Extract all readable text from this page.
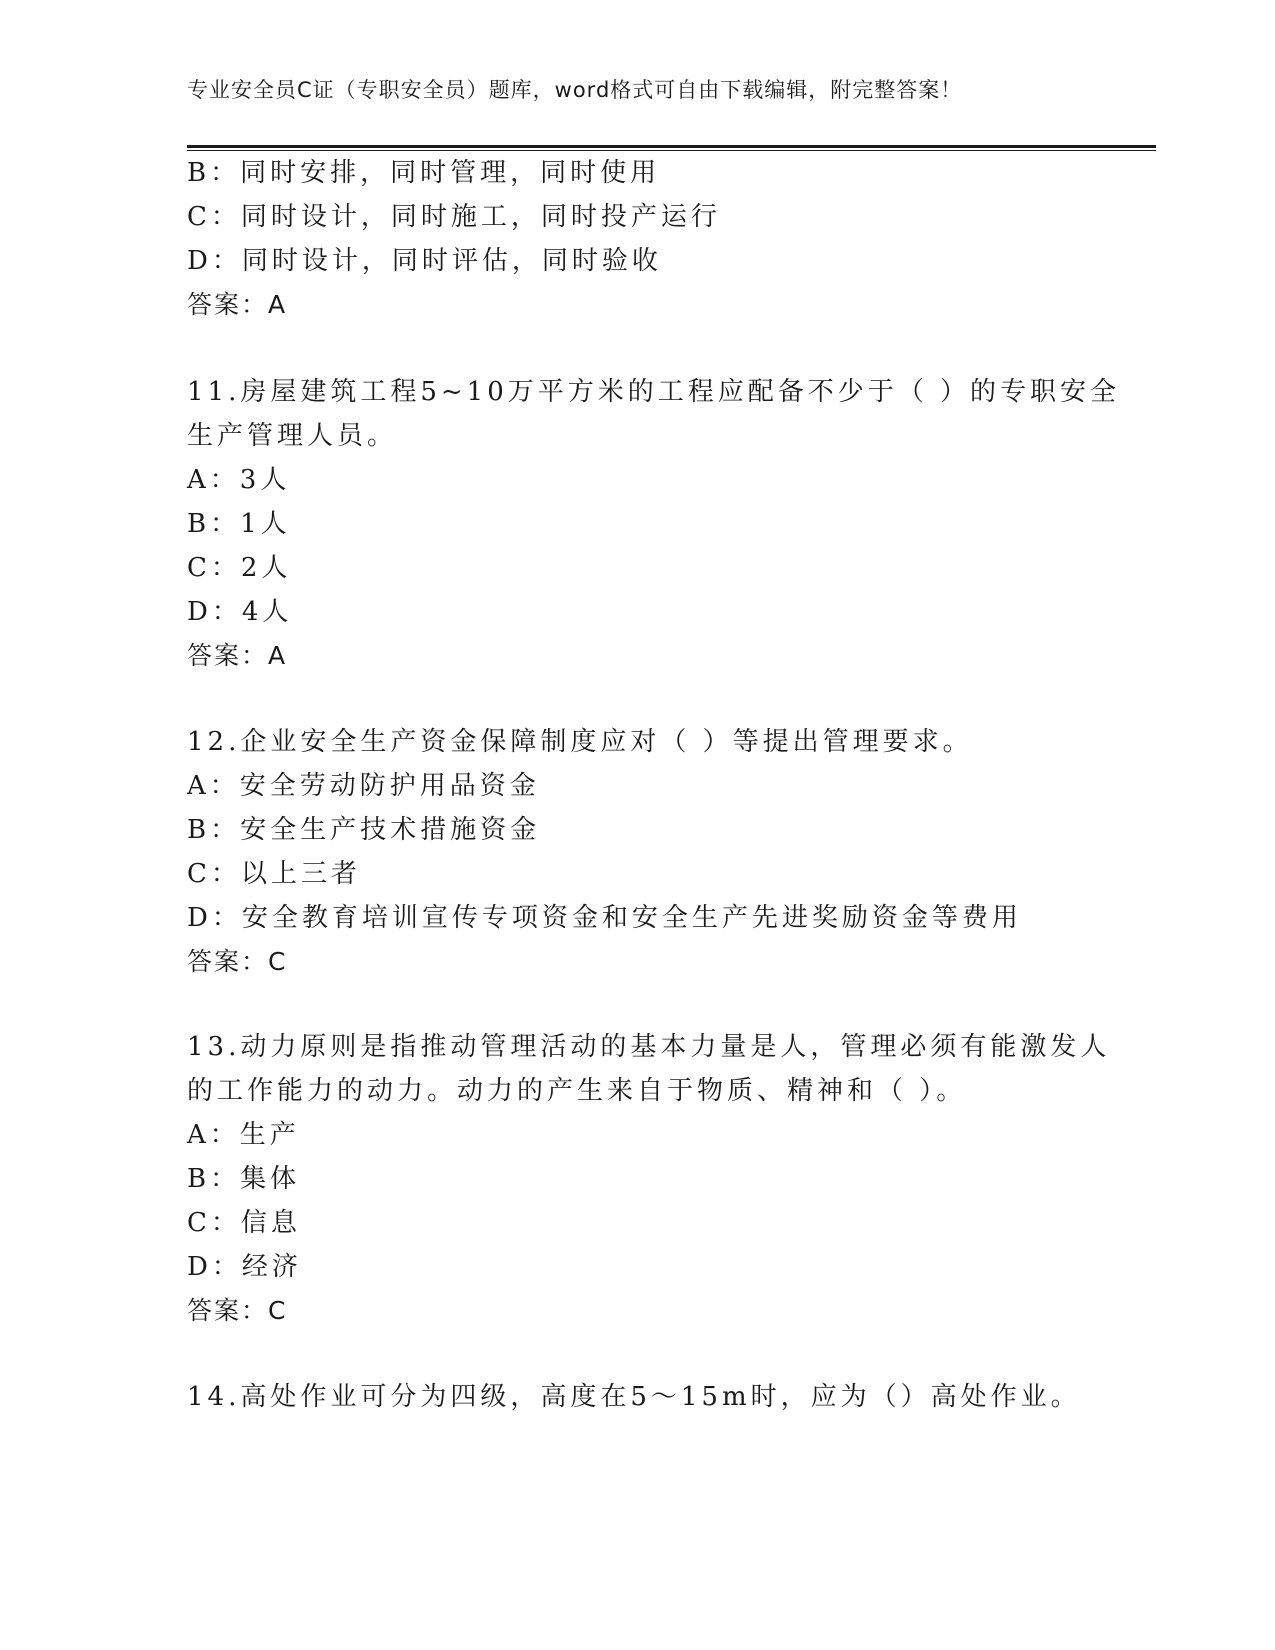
专业安全员C证（专职安全员）题库，word格式可自由下载编辑，附完整答案！
B：同时安排，同时管理，同时使用
C：同时设计，同时施工，同时投产运行
D：同时设计，同时评估，同时验收
答案：A
11.房屋建筑工程5~10万平方米的工程应配备不少于（ ）的专职安全
生产管理人员。
A：3人
B：1人
C：2人
D：4人
答案：A
12.企业安全生产资金保障制度应对（ ）等提出管理要求。
A：安全劳动防护用品资金
B：安全生产技术措施资金
C：以上三者
D：安全教育培训宣传专项资金和安全生产先进奖励资金等费用
答案：C
13.动力原则是指推动管理活动的基本力量是人，管理必须有能激发人
的工作能力的动力。动力的产生来自于物质、精神和（ ）。
A：生产
B：集体
C：信息
D：经济
答案：C
14.高处作业可分为四级，高度在5～15m时，应为（）高处作业。
